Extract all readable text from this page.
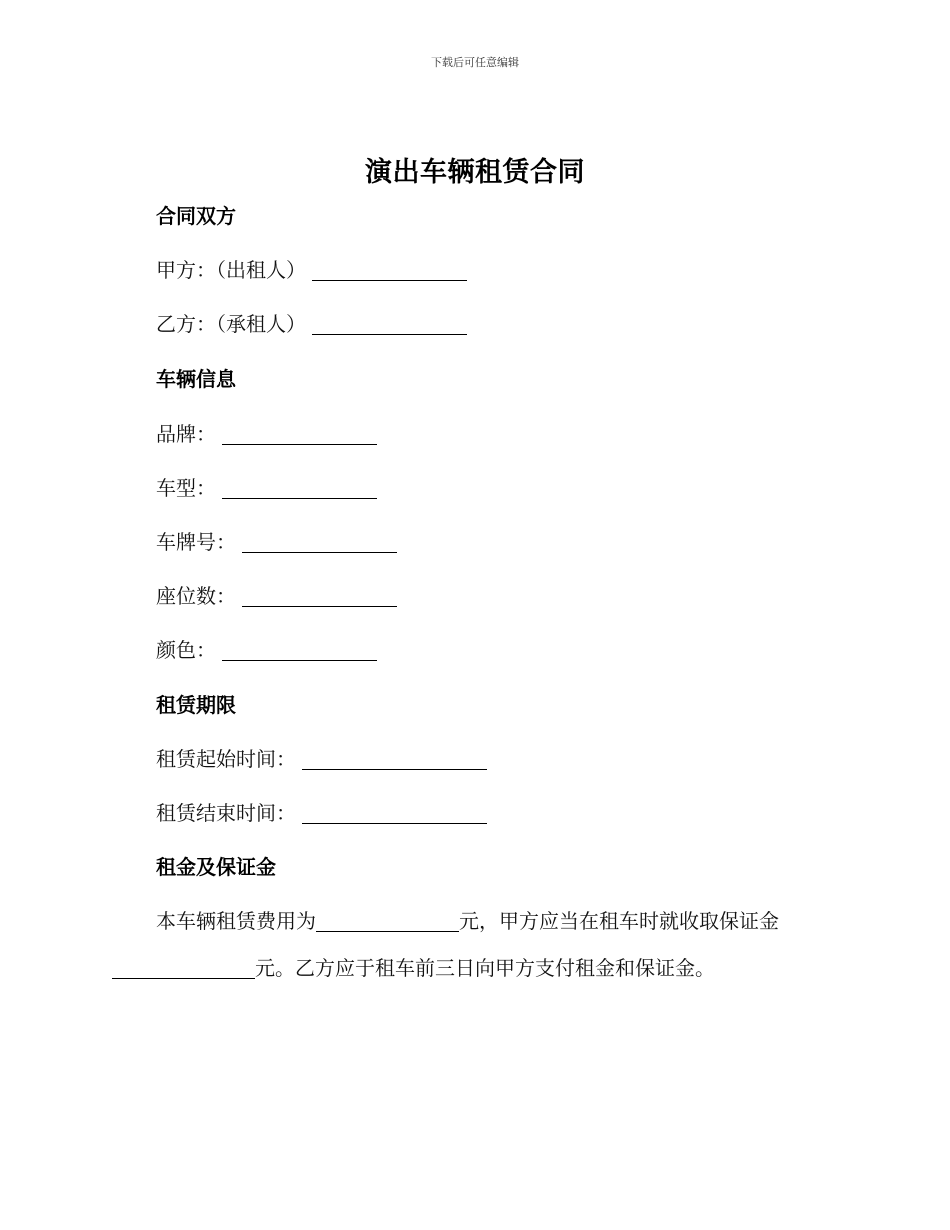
下载后可任意编辑
演出车辆租赁合同
合同双方
甲方：（出租人）
乙方：（承租人）
车辆信息
品牌：
车型：
车牌号：
座位数：
颜色：
租赁期限
租赁起始时间：
租赁结束时间：
租金及保证金
本车辆租赁费用为	元，甲方应当在租车时就收取保证金
元。乙方应于租车前三日向甲方支付租金和保证金。
